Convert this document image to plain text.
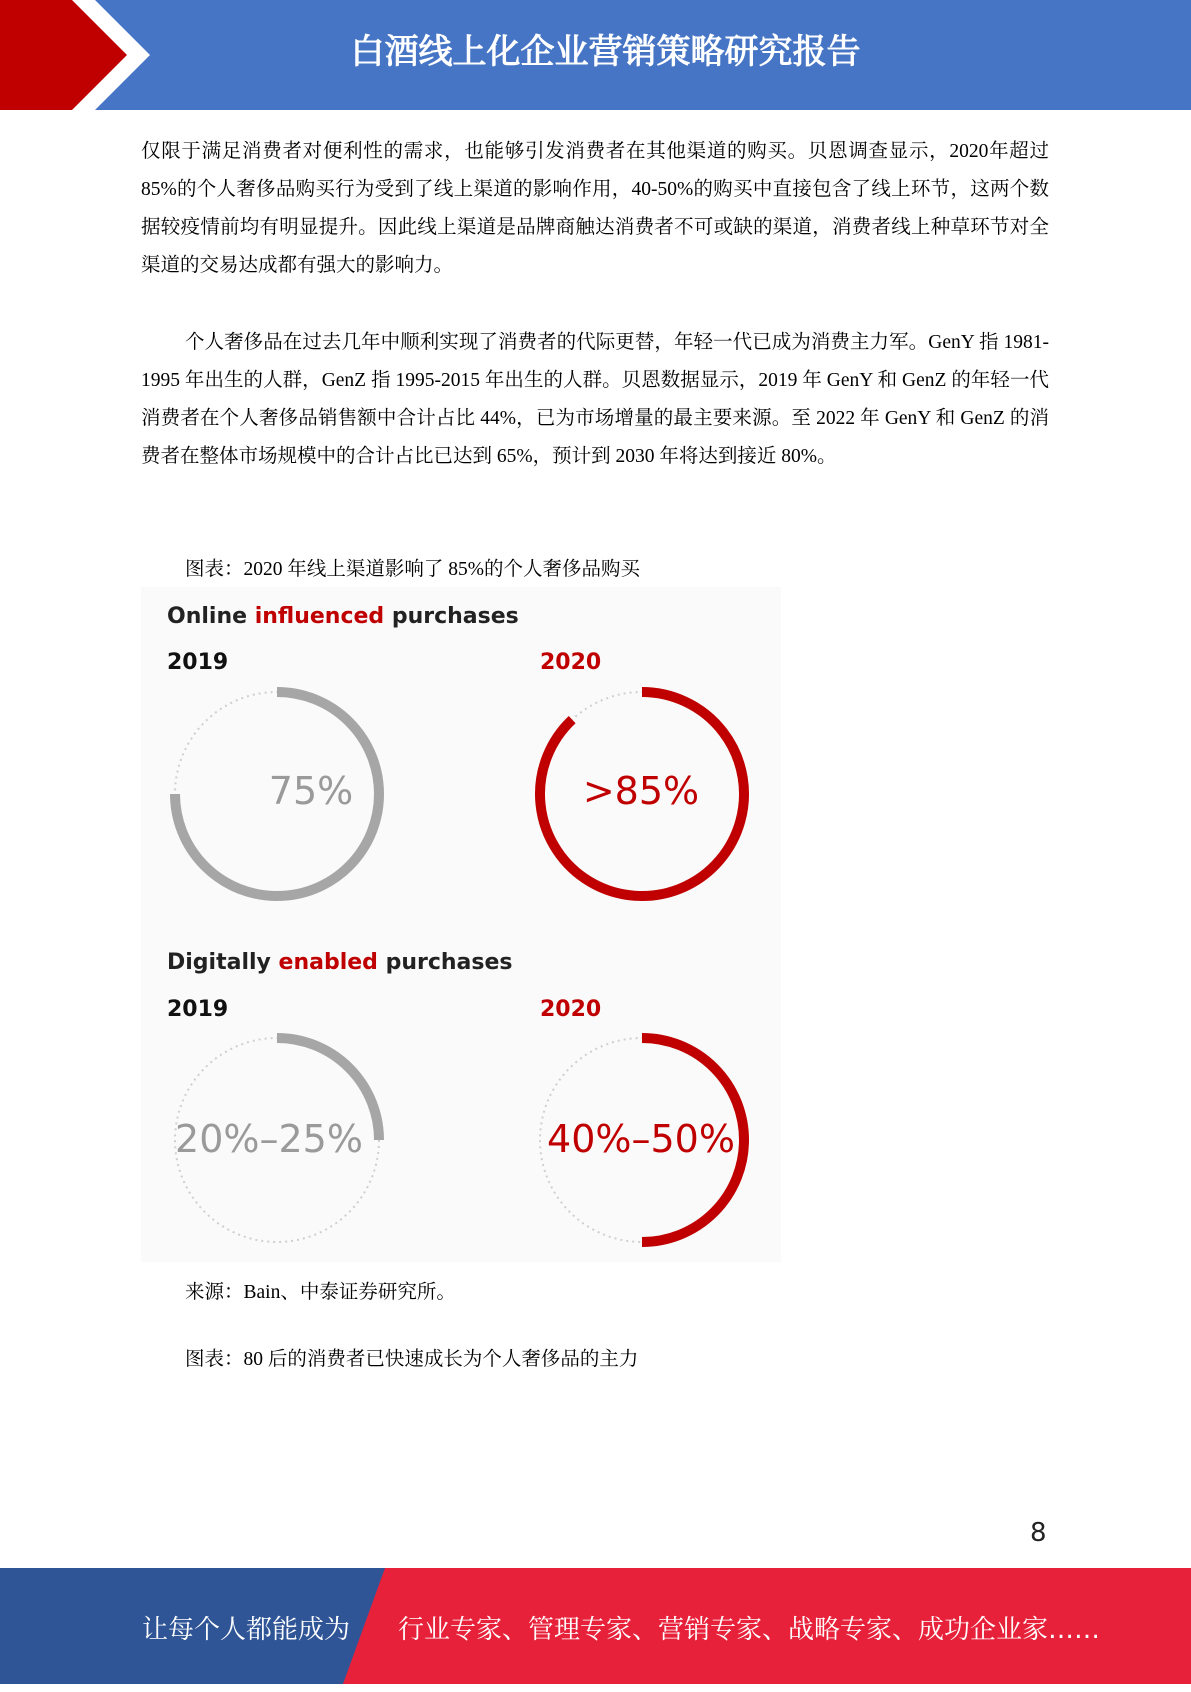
白酒线上化企业营销策略研究报告

仅限于满足消费者对便利性的需求，也能够引发消费者在其他渠道的购买。贝恩调查显示，2020年超过 85%的个人奢侈品购买行为受到了线上渠道的影响作用，40-50%的购买中直接包含了线上环节，这两个数据较疫情前均有明显提升。因此线上渠道是品牌商触达消费者不可或缺的渠道，消费者线上种草环节对全渠道的交易达成都有强大的影响力。

个人奢侈品在过去几年中顺利实现了消费者的代际更替，年轻一代已成为消费主力军。GenY 指 1981-1995 年出生的人群，GenZ 指 1995-2015 年出生的人群。贝恩数据显示，2019 年 GenY 和 GenZ 的年轻一代消费者在个人奢侈品销售额中合计占比 44%，已为市场增量的最主要来源。至 2022 年 GenY 和 GenZ 的消费者在整体市场规模中的合计占比已达到 65%，预计到 2030 年将达到接近 80%。

图表：2020 年线上渠道影响了 85%的个人奢侈品购买

Online influenced purchases
2019	2020
75%	>85%
Digitally enabled purchases
2019	2020
20%–25%	40%–50%

来源：Bain、中泰证券研究所。

图表：80 后的消费者已快速成长为个人奢侈品的主力

8
让每个人都能成为 行业专家、管理专家、营销专家、战略专家、成功企业家……
